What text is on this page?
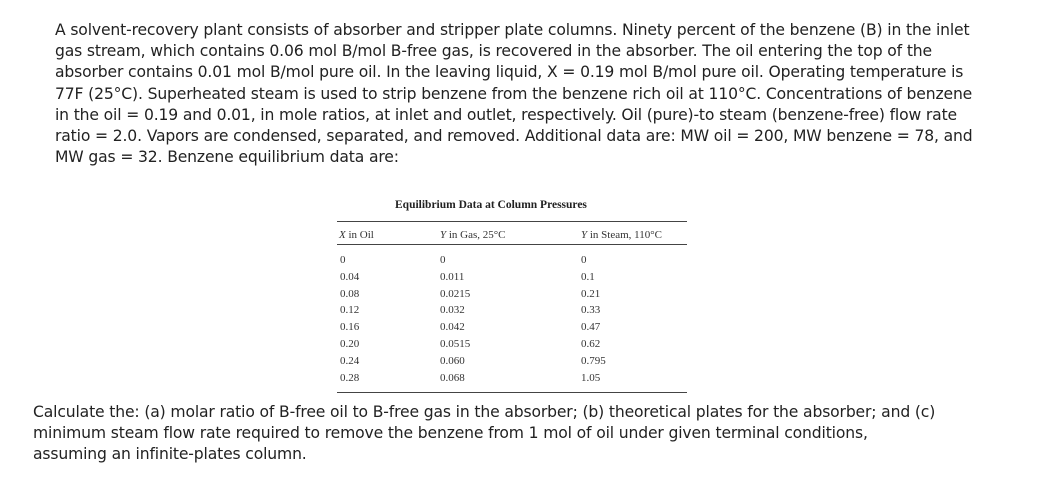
A solvent-recovery plant consists of absorber and stripper plate columns. Ninety percent of the benzene (B) in the inlet
gas stream, which contains 0.06 mol B/mol B-free gas, is recovered in the absorber. The oil entering the top of the
absorber contains 0.01 mol B/mol pure oil. In the leaving liquid, X = 0.19 mol B/mol pure oil. Operating temperature is
77F (25°C). Superheated steam is used to strip benzene from the benzene rich oil at 110°C. Concentrations of benzene
in the oil = 0.19 and 0.01, in mole ratios, at inlet and outlet, respectively. Oil (pure)-to steam (benzene-free) flow rate
ratio = 2.0. Vapors are condensed, separated, and removed. Additional data are: MW oil = 200, MW benzene = 78, and
MW gas = 32. Benzene equilibrium data are:
Equilibrium Data at Column Pressures
X in Oil	Y in Gas, 25°C	Y in Steam, 110°C
0	0	0
0.04	0.011	0.1
0.08	0.0215	0.21
0.12	0.032	0.33
0.16	0.042	0.47
0.20	0.0515	0.62
0.24	0.060	0.795
0.28	0.068	1.05
Calculate the: (a) molar ratio of B-free oil to B-free gas in the absorber; (b) theoretical plates for the absorber; and (c)
minimum steam flow rate required to remove the benzene from 1 mol of oil under given terminal conditions,
assuming an infinite-plates column.
